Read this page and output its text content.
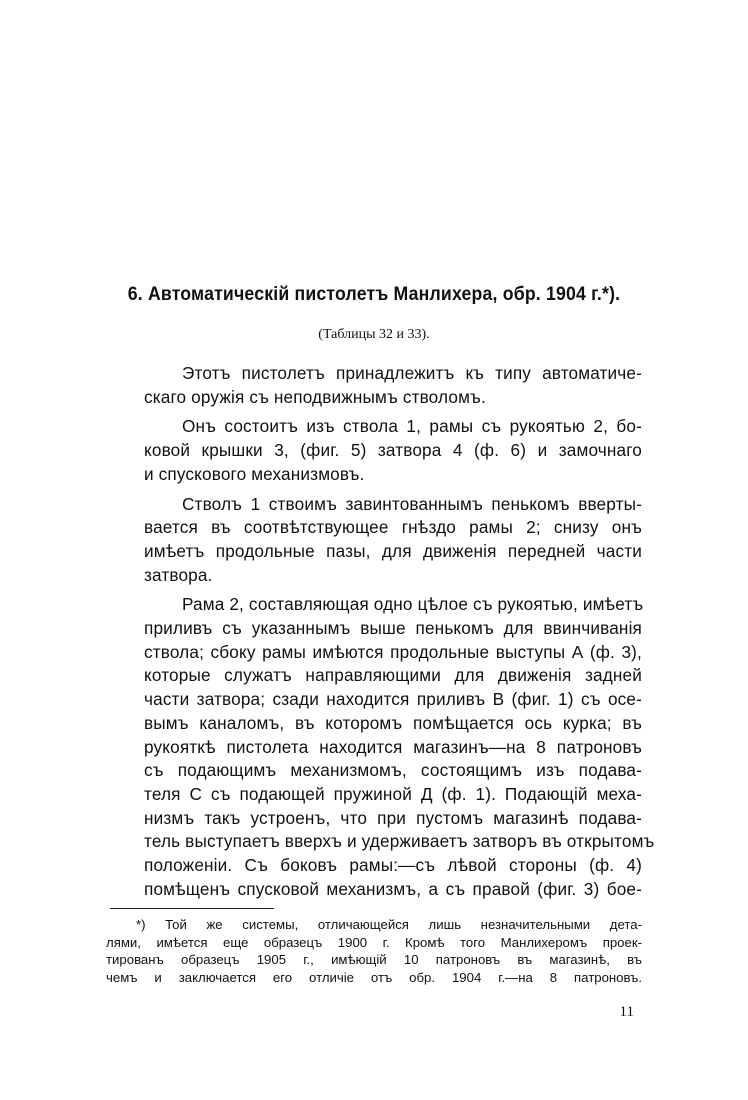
6. Автоматическій пистолетъ Манлихера, обр. 1904 г.*).
(Таблицы 32 и 33).
Этотъ пистолетъ принадлежитъ къ типу автоматиче-
скаго оружія съ неподвижнымъ стволомъ.
Онъ состоитъ изъ ствола 1, рамы съ рукоятью 2, бо-
ковой крышки 3, (фиг. 5) затвора 4 (ф. 6) и замочнаго
и спускового механизмовъ.
Стволъ 1 ствоимъ завинтованнымъ пенькомъ вверты-
вается въ соотвѣтствующее гнѣздо рамы 2; снизу онъ
имѣетъ продольные пазы, для движенія передней части
затвора.
Рама 2, составляющая одно цѣлое съ рукоятью, имѣетъ
приливъ съ указаннымъ выше пенькомъ для ввинчиванія
ствола; сбоку рамы имѣются продольные выступы А (ф. 3),
которые служатъ направляющими для движенія задней
части затвора; сзади находится приливъ В (фиг. 1) съ осе-
вымъ каналомъ, въ которомъ помѣщается ось курка; въ
рукояткѣ пистолета находится магазинъ—на 8 патроновъ
съ подающимъ механизмомъ, состоящимъ изъ подава-
теля С съ подающей пружиной Д (ф. 1). Подающій меха-
низмъ такъ устроенъ, что при пустомъ магазинѣ подава-
тель выступаетъ вверхъ и удерживаетъ затворъ въ открытомъ
положеніи. Съ боковъ рамы:—съ лѣвой стороны (ф. 4)
помѣщенъ спусковой механизмъ, а съ правой (фиг. 3) бое-
*) Той же системы, отличающейся лишь незначительными дета-
лями, имѣется еще образецъ 1900 г. Кромѣ того Манлихеромъ проек-
тированъ образецъ 1905 г., имѣющій 10 патроновъ въ магазинѣ, въ
чемъ и заключается его отличіе отъ обр. 1904 г.—на 8 патроновъ.
11
